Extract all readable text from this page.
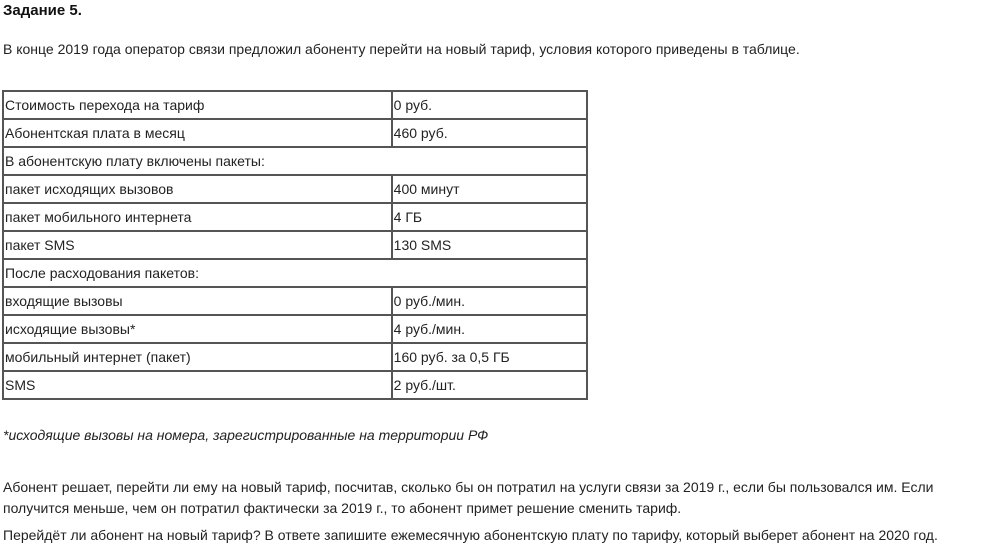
Задание 5.
В конце 2019 года оператор связи предложил абоненту перейти на новый тариф, условия которого приведены в таблице.
Стоимость перехода на тариф	0 руб.
Абонентская плата в месяц	460 руб.
В абонентскую плату включены пакеты:	
пакет исходящих вызовов	400 минут
пакет мобильного интернета	4 ГБ
пакет SMS	130 SMS
После расходования пакетов:	
входящие вызовы	0 руб./мин.
исходящие вызовы*	4 руб./мин.
мобильный интернет (пакет)	160 руб. за 0,5 ГБ
SMS	2 руб./шт.
*исходящие вызовы на номера, зарегистрированные на территории РФ
Абонент решает, перейти ли ему на новый тариф, посчитав, сколько бы он потратил на услуги связи за 2019 г., если бы пользовался им. Если получится меньше, чем он потратил фактически за 2019 г., то абонент примет решение сменить тариф.
Перейдёт ли абонент на новый тариф? В ответе запишите ежемесячную абонентскую плату по тарифу, который выберет абонент на 2020 год.
